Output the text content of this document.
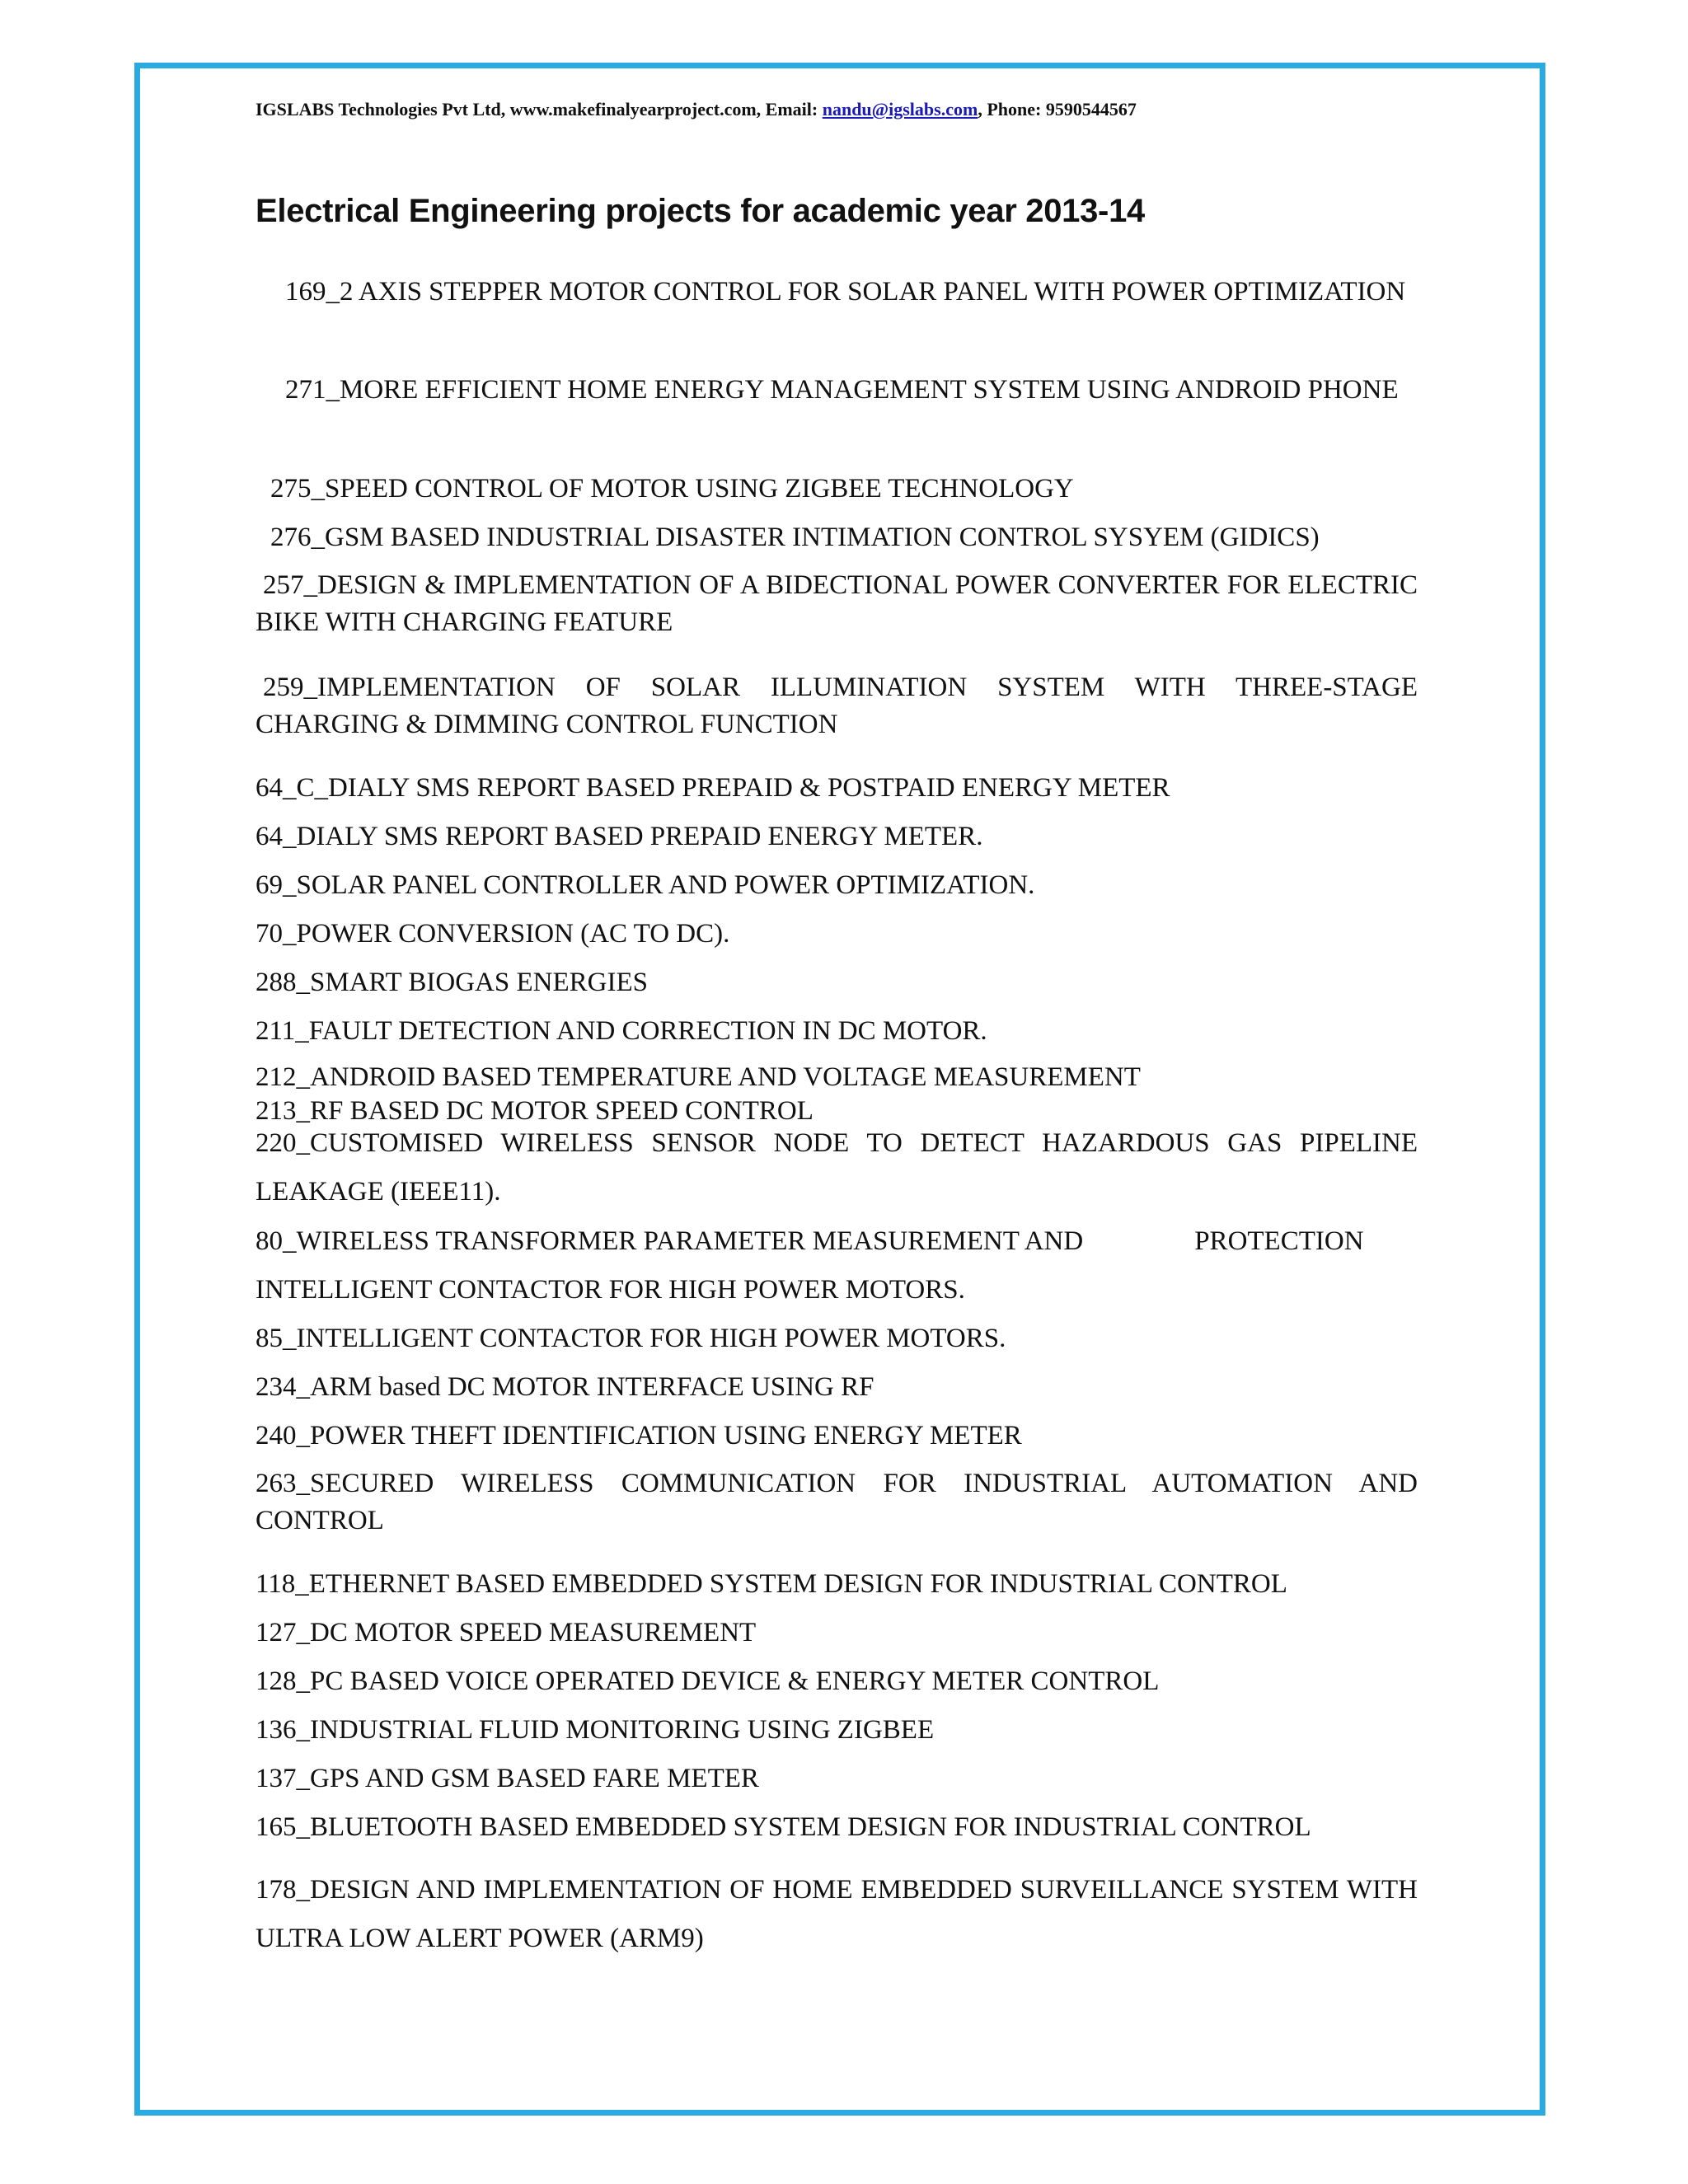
IGSLABS Technologies Pvt Ltd, www.makefinalyearproject.com, Email: nandu@igslabs.com, Phone: 9590544567
Electrical Engineering projects for academic year 2013-14
169_2 AXIS STEPPER MOTOR CONTROL FOR SOLAR PANEL WITH POWER OPTIMIZATION
271_MORE EFFICIENT HOME ENERGY MANAGEMENT SYSTEM USING ANDROID PHONE
275_SPEED CONTROL OF MOTOR USING ZIGBEE TECHNOLOGY
276_GSM BASED INDUSTRIAL DISASTER INTIMATION CONTROL SYSYEM (GIDICS)
257_DESIGN & IMPLEMENTATION OF A BIDECTIONAL POWER CONVERTER FOR ELECTRIC BIKE WITH CHARGING FEATURE
259_IMPLEMENTATION OF SOLAR ILLUMINATION SYSTEM WITH THREE-STAGE CHARGING & DIMMING CONTROL FUNCTION
64_C_DIALY SMS REPORT BASED PREPAID & POSTPAID ENERGY METER
64_DIALY SMS REPORT BASED PREPAID ENERGY METER.
69_SOLAR PANEL CONTROLLER AND POWER OPTIMIZATION.
70_POWER CONVERSION (AC TO DC).
288_SMART BIOGAS ENERGIES
211_FAULT DETECTION AND CORRECTION IN DC MOTOR.
212_ANDROID BASED TEMPERATURE AND VOLTAGE MEASUREMENT
213_RF BASED DC MOTOR SPEED CONTROL
220_CUSTOMISED WIRELESS SENSOR NODE TO DETECT HAZARDOUS GAS PIPELINE LEAKAGE (IEEE11).
80_WIRELESS TRANSFORMER PARAMETER MEASUREMENT AND	PROTECTION
INTELLIGENT CONTACTOR FOR HIGH POWER MOTORS.
85_INTELLIGENT CONTACTOR FOR HIGH POWER MOTORS.
234_ARM based DC MOTOR INTERFACE USING RF
240_POWER THEFT IDENTIFICATION USING ENERGY METER
263_SECURED WIRELESS COMMUNICATION FOR INDUSTRIAL AUTOMATION AND CONTROL
118_ETHERNET BASED EMBEDDED SYSTEM DESIGN FOR INDUSTRIAL CONTROL
127_DC MOTOR SPEED MEASUREMENT
128_PC BASED VOICE OPERATED DEVICE & ENERGY METER CONTROL
136_INDUSTRIAL FLUID MONITORING USING ZIGBEE
137_GPS AND GSM BASED FARE METER
165_BLUETOOTH BASED EMBEDDED SYSTEM DESIGN FOR INDUSTRIAL CONTROL
178_DESIGN AND IMPLEMENTATION OF HOME EMBEDDED SURVEILLANCE SYSTEM WITH ULTRA LOW ALERT POWER (ARM9)
